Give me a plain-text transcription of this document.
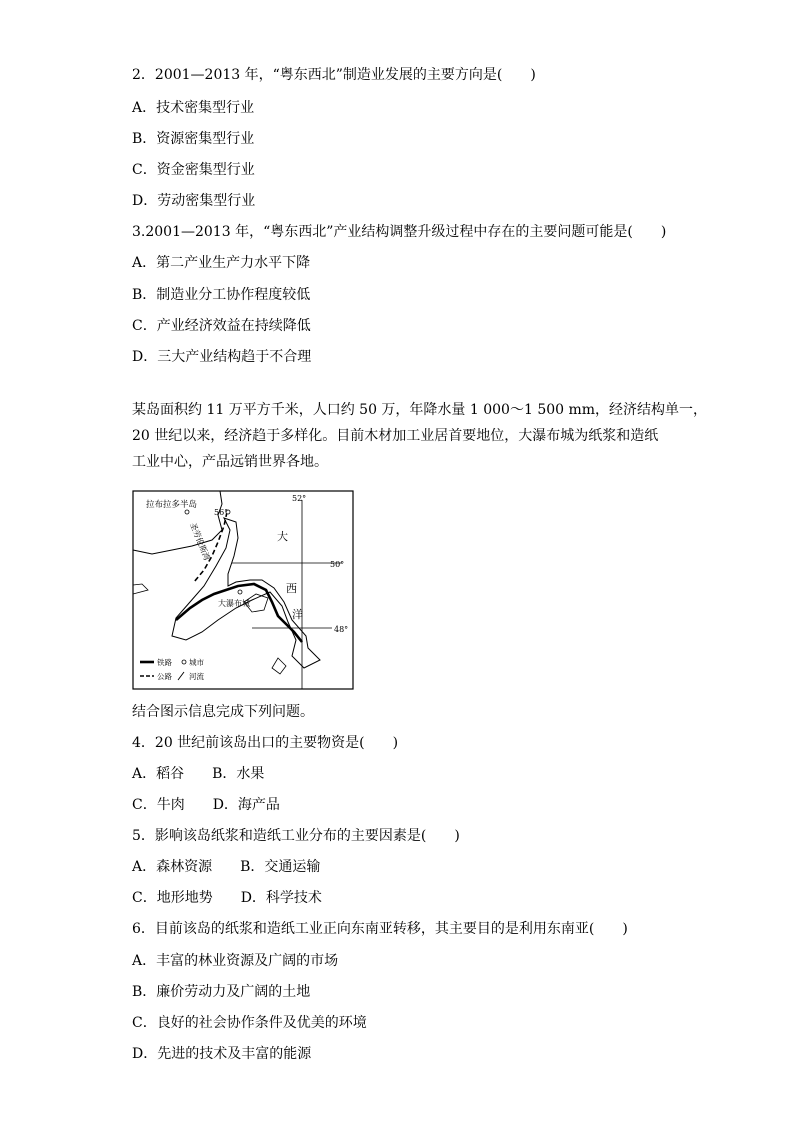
2．2001—2013 年，“粤东西北”制造业发展的主要方向是(　　)
A．技术密集型行业
B．资源密集型行业
C．资金密集型行业
D．劳动密集型行业
3.2001—2013 年，“粤东西北”产业结构调整升级过程中存在的主要问题可能是(　　)
A．第二产业生产力水平下降
B．制造业分工协作程度较低
C．产业经济效益在持续降低
D．三大产业结构趋于不合理
某岛面积约 11 万平方千米，人口约 50 万，年降水量 1 000～1 500 mm，经济结构单一，
20 世纪以来，经济趋于多样化。目前木材加工业居首要地位，大瀑布城为纸浆和造纸
工业中心，产品远销世界各地。
拉布拉多半岛
52°
56°
50°
48°
圣劳伦斯湾	大
西
洋
大瀑布城
铁路 城市
公路 河流
结合图示信息完成下列问题。
4．20 世纪前该岛出口的主要物资是(　　)
A．稻谷　　B．水果
C．牛肉　　D．海产品
5．影响该岛纸浆和造纸工业分布的主要因素是(　　)
A．森林资源　　B．交通运输
C．地形地势　　D．科学技术
6．目前该岛的纸浆和造纸工业正向东南亚转移，其主要目的是利用东南亚(　　)
A．丰富的林业资源及广阔的市场
B．廉价劳动力及广阔的土地
C．良好的社会协作条件及优美的环境
D．先进的技术及丰富的能源
